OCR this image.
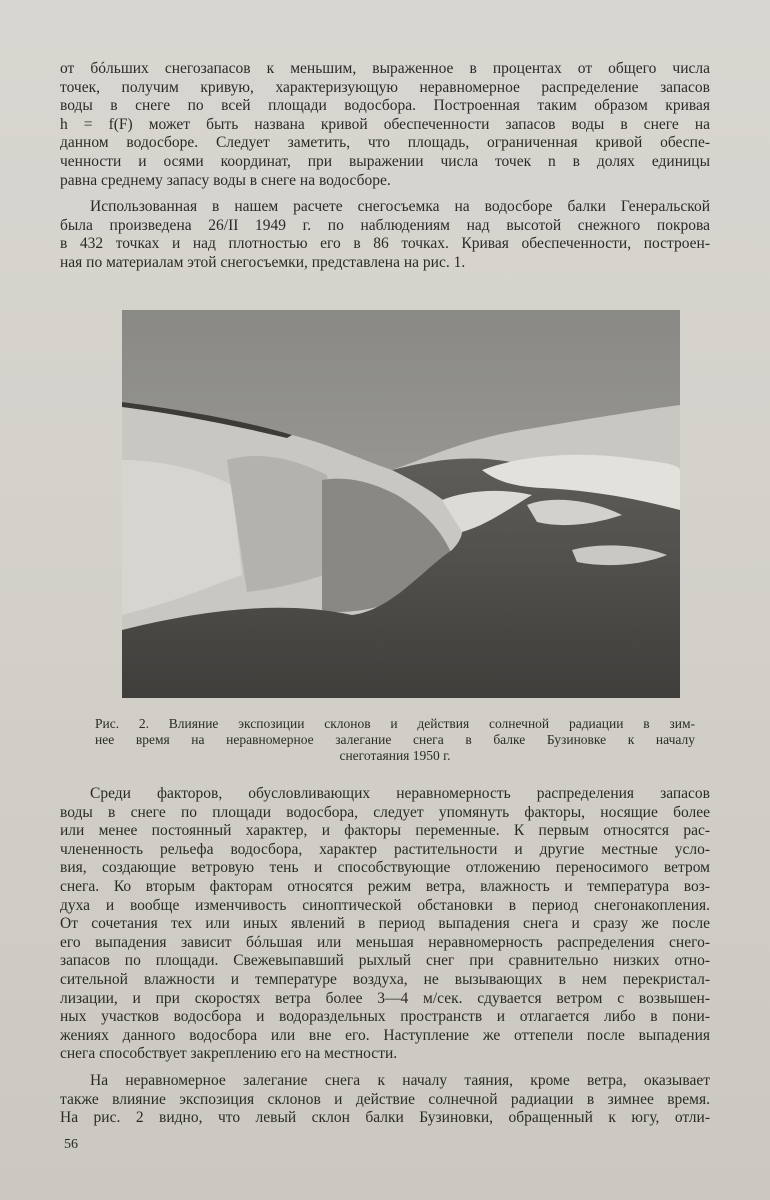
от бóльших снегозапасов к меньшим, выраженное в процентах от общего числа
точек, получим кривую, характеризующую неравномерное распределение запасов
воды в снеге по всей площади водосбора. Построенная таким образом кривая
h = f(F) может быть названа кривой обеспеченности запасов воды в снеге на
данном водосборе. Следует заметить, что площадь, ограниченная кривой обеспе-
ченности и осями координат, при выражении числа точек n в долях единицы
равна среднему запасу воды в снеге на водосборе.
Использованная в нашем расчете снегосъемка на водосборе балки Генеральской
была произведена 26/II 1949 г. по наблюдениям над высотой снежного покрова
в 432 точках и над плотностью его в 86 точках. Кривая обеспеченности, построен-
ная по материалам этой снегосъемки, представлена на рис. 1.
Рис. 2. Влияние экспозиции склонов и действия солнечной радиации в зим-
нее время на неравномерное залегание снега в балке Бузиновке к началу
снеготаяния 1950 г.
Среди факторов, обусловливающих неравномерность распределения запасов
воды в снеге по площади водосбора, следует упомянуть факторы, носящие более
или менее постоянный характер, и факторы переменные. К первым относятся рас-
члененность рельефа водосбора, характер растительности и другие местные усло-
вия, создающие ветровую тень и способствующие отложению переносимого ветром
снега. Ко вторым факторам относятся режим ветра, влажность и температура воз-
духа и вообще изменчивость синоптической обстановки в период снегонакопления.
От сочетания тех или иных явлений в период выпадения снега и сразу же после
его выпадения зависит бóльшая или меньшая неравномерность распределения снего-
запасов по площади. Свежевыпавший рыхлый снег при сравнительно низких отно-
сительной влажности и температуре воздуха, не вызывающих в нем перекристал-
лизации, и при скоростях ветра более 3—4 м/сек. сдувается ветром с возвышен-
ных участков водосбора и водораздельных пространств и отлагается либо в пони-
жениях данного водосбора или вне его. Наступление же оттепели после выпадения
снега способствует закреплению его на местности.
На неравномерное залегание снега к началу таяния, кроме ветра, оказывает
также влияние экспозиция склонов и действие солнечной радиации в зимнее время.
На рис. 2 видно, что левый склон балки Бузиновки, обращенный к югу, отли-
56
